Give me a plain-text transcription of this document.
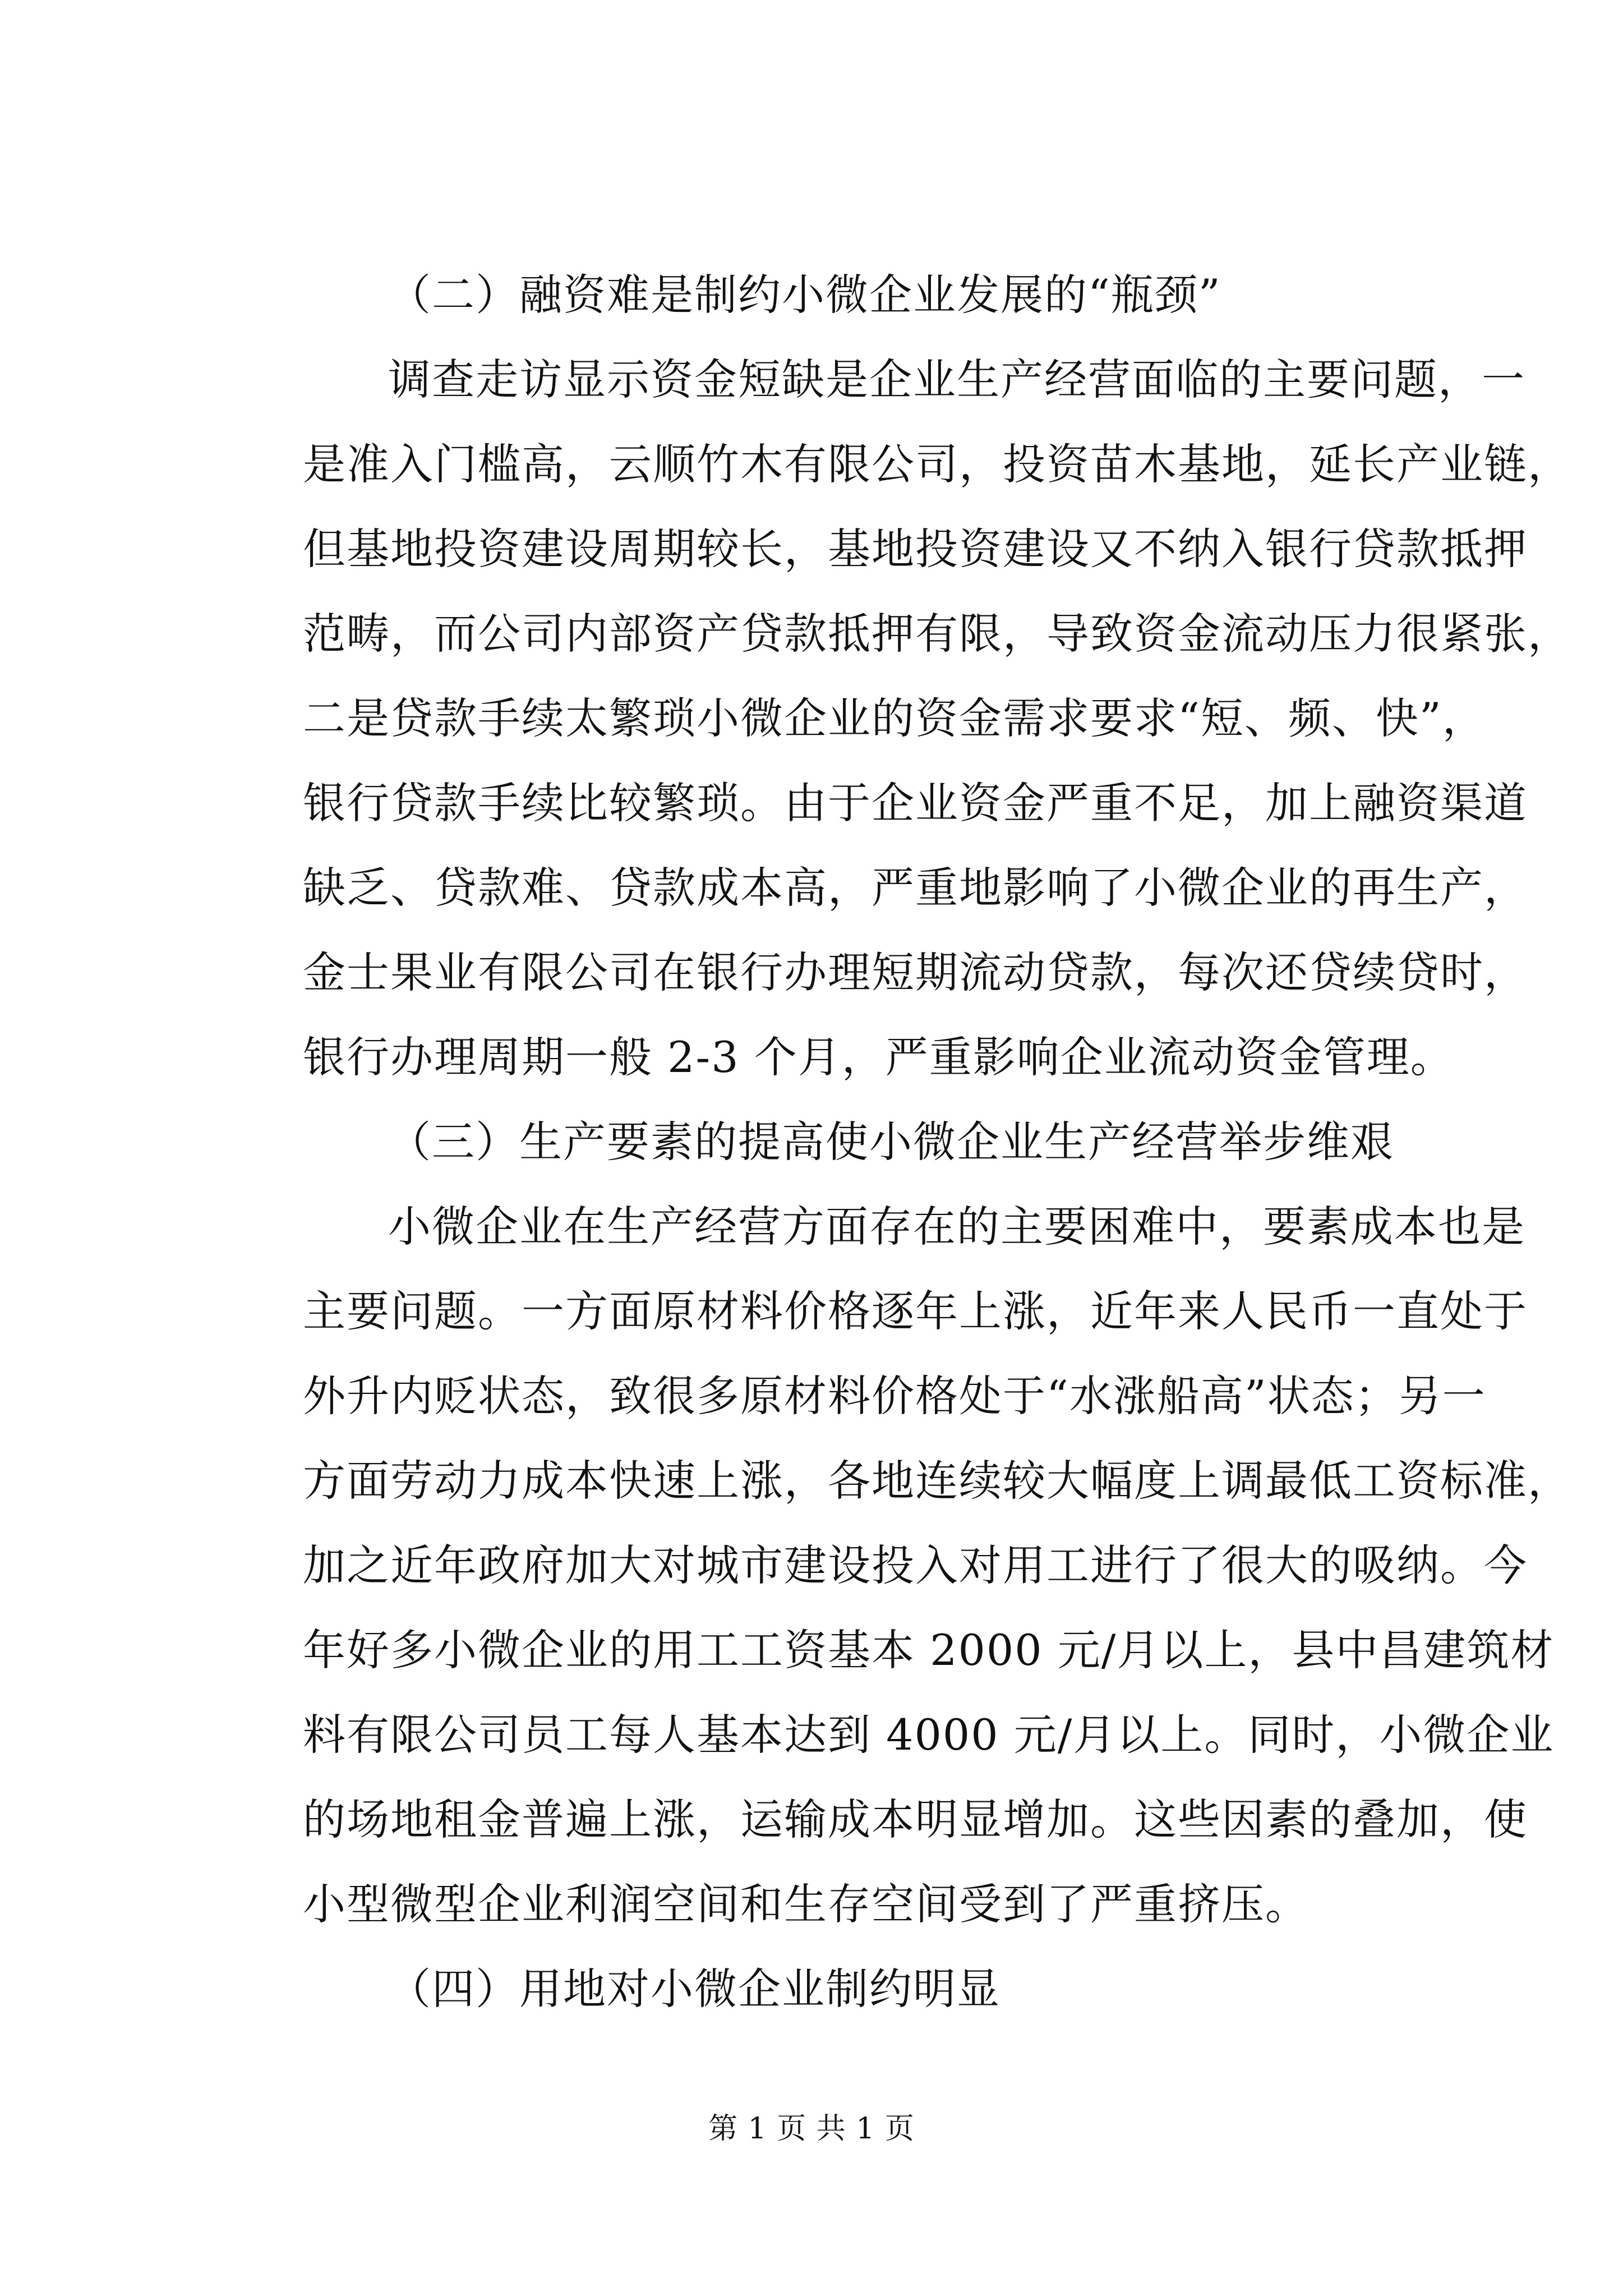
（二）融资难是制约小微企业发展的“瓶颈”
调查走访显示资金短缺是企业生产经营面临的主要问题，一
是准入门槛高，云顺竹木有限公司，投资苗木基地，延长产业链，
但基地投资建设周期较长，基地投资建设又不纳入银行贷款抵押
范畴，而公司内部资产贷款抵押有限，导致资金流动压力很紧张，
二是贷款手续太繁琐小微企业的资金需求要求“短、频、快”，
银行贷款手续比较繁琐。由于企业资金严重不足，加上融资渠道
缺乏、贷款难、贷款成本高，严重地影响了小微企业的再生产，
金士果业有限公司在银行办理短期流动贷款，每次还贷续贷时，
银行办理周期一般 2-3 个月，严重影响企业流动资金管理。
（三）生产要素的提高使小微企业生产经营举步维艰
小微企业在生产经营方面存在的主要困难中，要素成本也是
主要问题。一方面原材料价格逐年上涨，近年来人民币一直处于
外升内贬状态，致很多原材料价格处于“水涨船高”状态；另一
方面劳动力成本快速上涨，各地连续较大幅度上调最低工资标准，
加之近年政府加大对城市建设投入对用工进行了很大的吸纳。今
年好多小微企业的用工工资基本 2000 元/月以上，县中昌建筑材
料有限公司员工每人基本达到 4000 元/月以上。同时，小微企业
的场地租金普遍上涨，运输成本明显增加。这些因素的叠加，使
小型微型企业利润空间和生存空间受到了严重挤压。
（四）用地对小微企业制约明显
第 1 页 共 1 页
